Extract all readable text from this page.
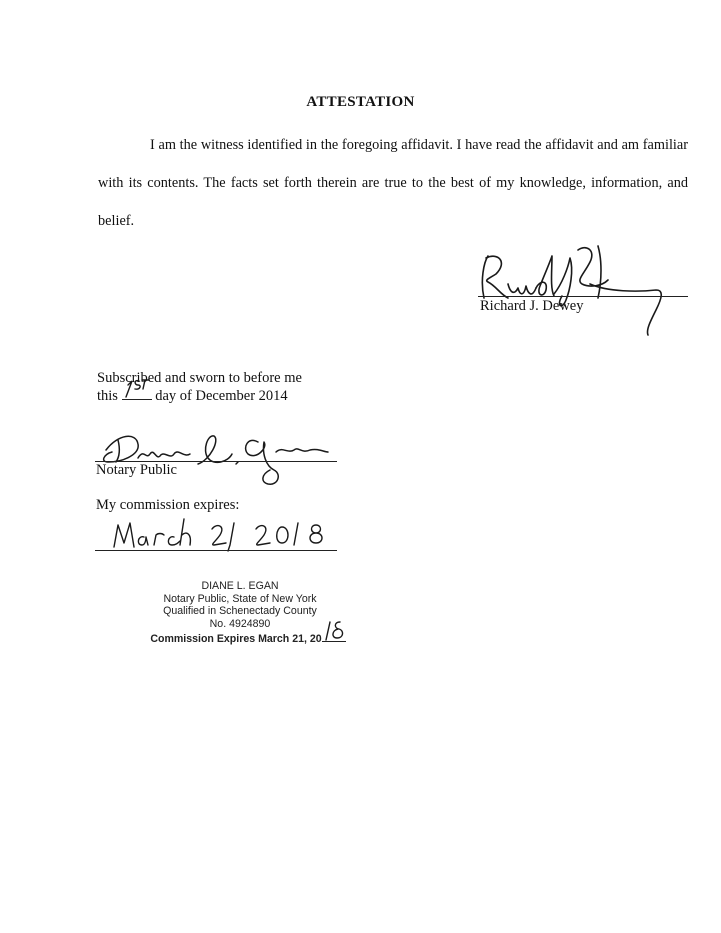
ATTESTATION
I am the witness identified in the foregoing affidavit. I have read the affidavit and am familiar with its contents. The facts set forth therein are true to the best of my knowledge, information, and belief.
Richard J. Dewey
Subscribed and sworn to before me
this	day of December 2014
Notary Public
My commission expires:
DIANE L. EGAN
Notary Public, State of New York
Qualified in Schenectady County
No. 4924890
Commission Expires March 21, 20
